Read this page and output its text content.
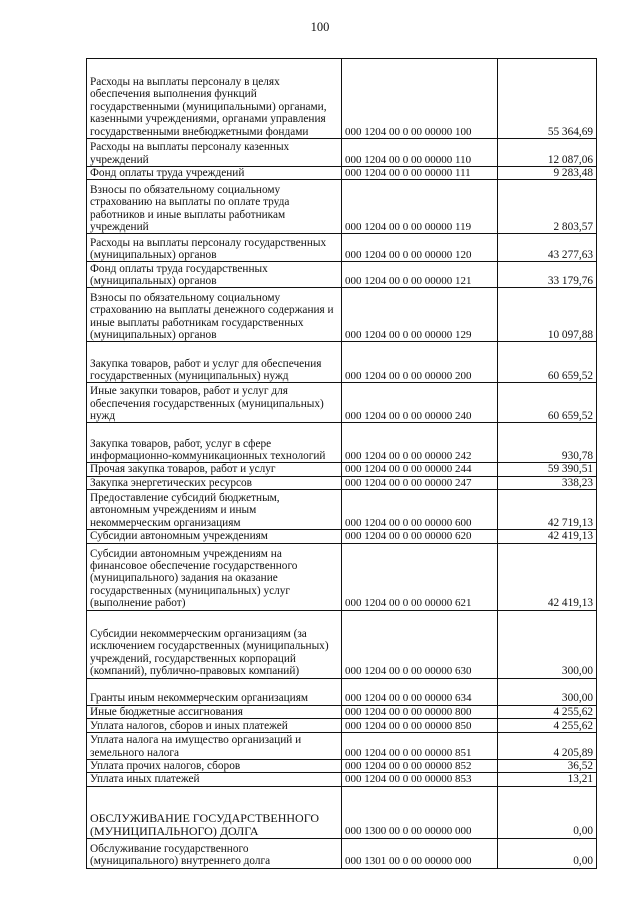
100
Расходы на выплаты персоналу в целях обеспечения выполнения функций государственными (муниципальными) органами, казенными учреждениями, органами управления государственными внебюджетными фондами	000 1204 00 0 00 00000 100	55 364,69
Расходы на выплаты персоналу казенных учреждений	000 1204 00 0 00 00000 110	12 087,06
Фонд оплаты труда учреждений	000 1204 00 0 00 00000 111	9 283,48
Взносы по обязательному социальному страхованию на выплаты по оплате труда работников и иные выплаты работникам учреждений	000 1204 00 0 00 00000 119	2 803,57
Расходы на выплаты персоналу государственных (муниципальных) органов	000 1204 00 0 00 00000 120	43 277,63
Фонд оплаты труда государственных (муниципальных) органов	000 1204 00 0 00 00000 121	33 179,76
Взносы по обязательному социальному страхованию на выплаты денежного содержания и иные выплаты работникам государственных (муниципальных) органов	000 1204 00 0 00 00000 129	10 097,88
Закупка товаров, работ и услуг для обеспечения государственных (муниципальных) нужд	000 1204 00 0 00 00000 200	60 659,52
Иные закупки товаров, работ и услуг для обеспечения государственных (муниципальных) нужд	000 1204 00 0 00 00000 240	60 659,52
Закупка товаров, работ, услуг в сфере информационно-коммуникационных технологий	000 1204 00 0 00 00000 242	930,78
Прочая закупка товаров, работ и услуг	000 1204 00 0 00 00000 244	59 390,51
Закупка энергетических ресурсов	000 1204 00 0 00 00000 247	338,23
Предоставление субсидий бюджетным, автономным учреждениям и иным некоммерческим организациям	000 1204 00 0 00 00000 600	42 719,13
Субсидии автономным учреждениям	000 1204 00 0 00 00000 620	42 419,13
Субсидии автономным учреждениям на финансовое обеспечение государственного (муниципального) задания на оказание государственных (муниципальных) услуг (выполнение работ)	000 1204 00 0 00 00000 621	42 419,13
Субсидии некоммерческим организациям (за исключением государственных (муниципальных) учреждений, государственных корпораций (компаний), публично-правовых компаний)	000 1204 00 0 00 00000 630	300,00
Гранты иным некоммерческим организациям	000 1204 00 0 00 00000 634	300,00
Иные бюджетные ассигнования	000 1204 00 0 00 00000 800	4 255,62
Уплата налогов, сборов и иных платежей	000 1204 00 0 00 00000 850	4 255,62
Уплата налога на имущество организаций и земельного налога	000 1204 00 0 00 00000 851	4 205,89
Уплата прочих налогов, сборов	000 1204 00 0 00 00000 852	36,52
Уплата иных платежей	000 1204 00 0 00 00000 853	13,21
ОБСЛУЖИВАНИЕ ГОСУДАРСТВЕННОГО (МУНИЦИПАЛЬНОГО) ДОЛГА	000 1300 00 0 00 00000 000	0,00
Обслуживание государственного (муниципального) внутреннего долга	000 1301 00 0 00 00000 000	0,00
